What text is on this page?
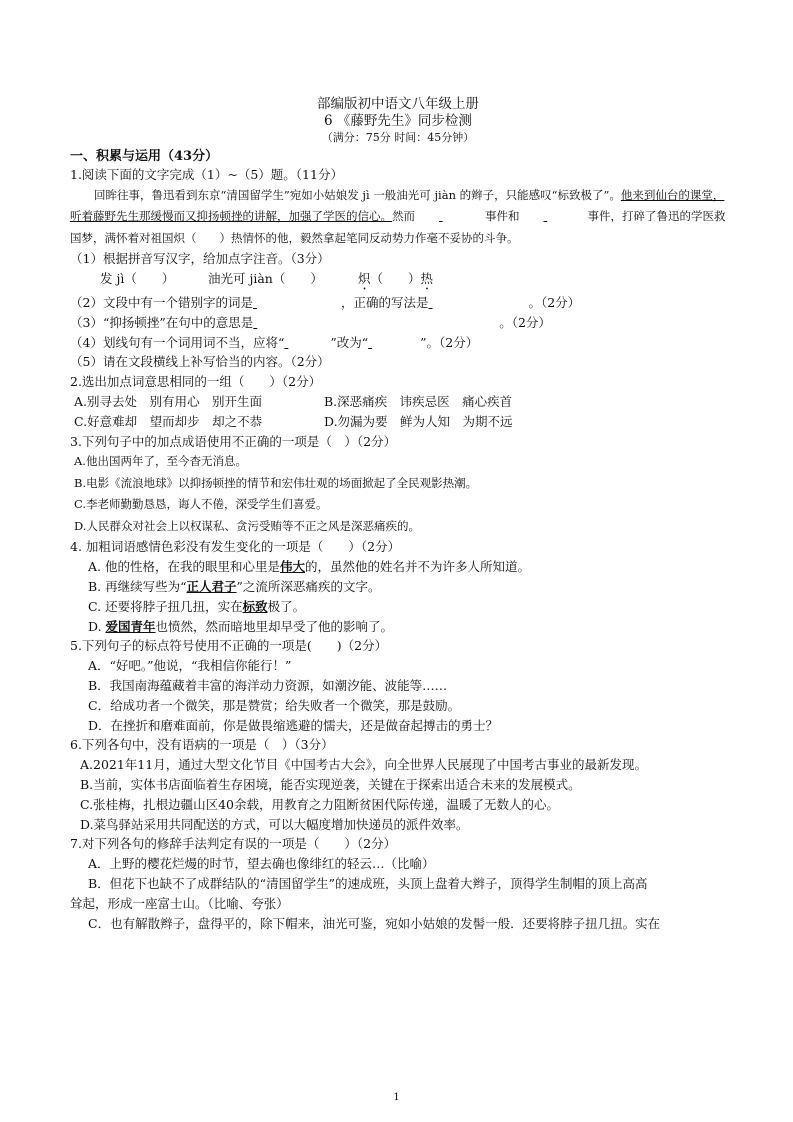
部编版初中语文八年级上册
6 《藤野先生》同步检测
（满分：75分 时间：45分钟）
一、积累与运用（43分）
1.阅读下面的文字完成（1）~（5）题。（11分）
回眸往事，鲁迅看到东京“清国留学生”宛如小姑娘发 jì 一般油光可 jiàn 的辫子，只能感叹“标致极了”。他来到仙台的课堂，听着藤野先生那缓慢而又抑扬顿挫的讲解，加强了学医的信心。然而	事件和	事件，打碎了鲁迅的学医救国梦，满怀着对祖国炽（　　）热情怀的他，毅然拿起笔同反动势力作毫不妥协的斗争。
（1）根据拼音写汉字，给加点字注音。（3分）
发 jì（　　）	油光可 jiàn（　　）	炽（　　）热
（2）文段中有一个错别字的词是	，正确的写法是	。（2分）
（3）“抑扬顿挫”在句中的意思是	。（2分）
（4）划线句有一个词用词不当，应将“	”改为“	”。（2分）
（5）请在文段横线上补写恰当的内容。（2分）
2.选出加点词意思相同的一组（　　）（2分）
A.别寻去处　别有用心　别开生面	B.深恶痛疾　讳疾忌医　痛心疾首
C.好意难却　望而却步　却之不恭	D.勿漏为要　鲜为人知　为期不远
3.下列句子中的加点成语使用不正确的一项是（　）（2分）
A.他出国两年了，至今杳无消息。
B.电影《流浪地球》以抑扬顿挫的情节和宏伟壮观的场面掀起了全民观影热潮。
C.李老师勤勤恳恳，诲人不倦，深受学生们喜爱。
D.人民群众对社会上以权谋私、贪污受贿等不正之风是深恶痛疾的。
4. 加粗词语感情色彩没有发生变化的一项是（　　）（2分）
A. 他的性格，在我的眼里和心里是伟大的，虽然他的姓名并不为许多人所知道。
B. 再继续写些为“正人君子”之流所深恶痛疾的文字。
C. 还要将脖子扭几扭，实在标致极了。
D. 爱国青年也愤然，然而暗地里却早受了他的影响了。
5.下列句子的标点符号使用不正确的一项是(　　)（2分）
A．“好吧。”他说，“我相信你能行！”
B．我国南海蕴藏着丰富的海洋动力资源，如潮汐能、波能等……
C．给成功者一个微笑，那是赞赏；给失败者一个微笑，那是鼓励。
D．在挫折和磨难面前，你是做畏缩逃避的懦夫，还是做奋起搏击的勇士？
6.下列各句中，没有语病的一项是（　）（3分）
A.2021年11月，通过大型文化节目《中国考古大会》，向全世界人民展现了中国考古事业的最新发现。
B.当前，实体书店面临着生存困境，能否实现逆袭，关键在于探索出适合未来的发展模式。
C.张桂梅，扎根边疆山区40余载，用教育之力阻断贫困代际传递，温暖了无数人的心。
D.菜鸟驿站采用共同配送的方式，可以大幅度增加快递员的派件效率。
7.对下列各句的修辞手法判定有误的一项是（　　）（2分）
A．上野的樱花烂熳的时节，望去确也像绯红的轻云…（比喻）
B．但花下也缺不了成群结队的“清国留学生”的速成班，头顶上盘着大辫子，顶得学生制帽的顶上高高
耸起，形成一座富士山。（比喻、夸张）
C．也有解散辫子，盘得平的，除下帽来，油光可鉴，宛如小姑娘的发髻一般．还要将脖子扭几扭。实在
1
